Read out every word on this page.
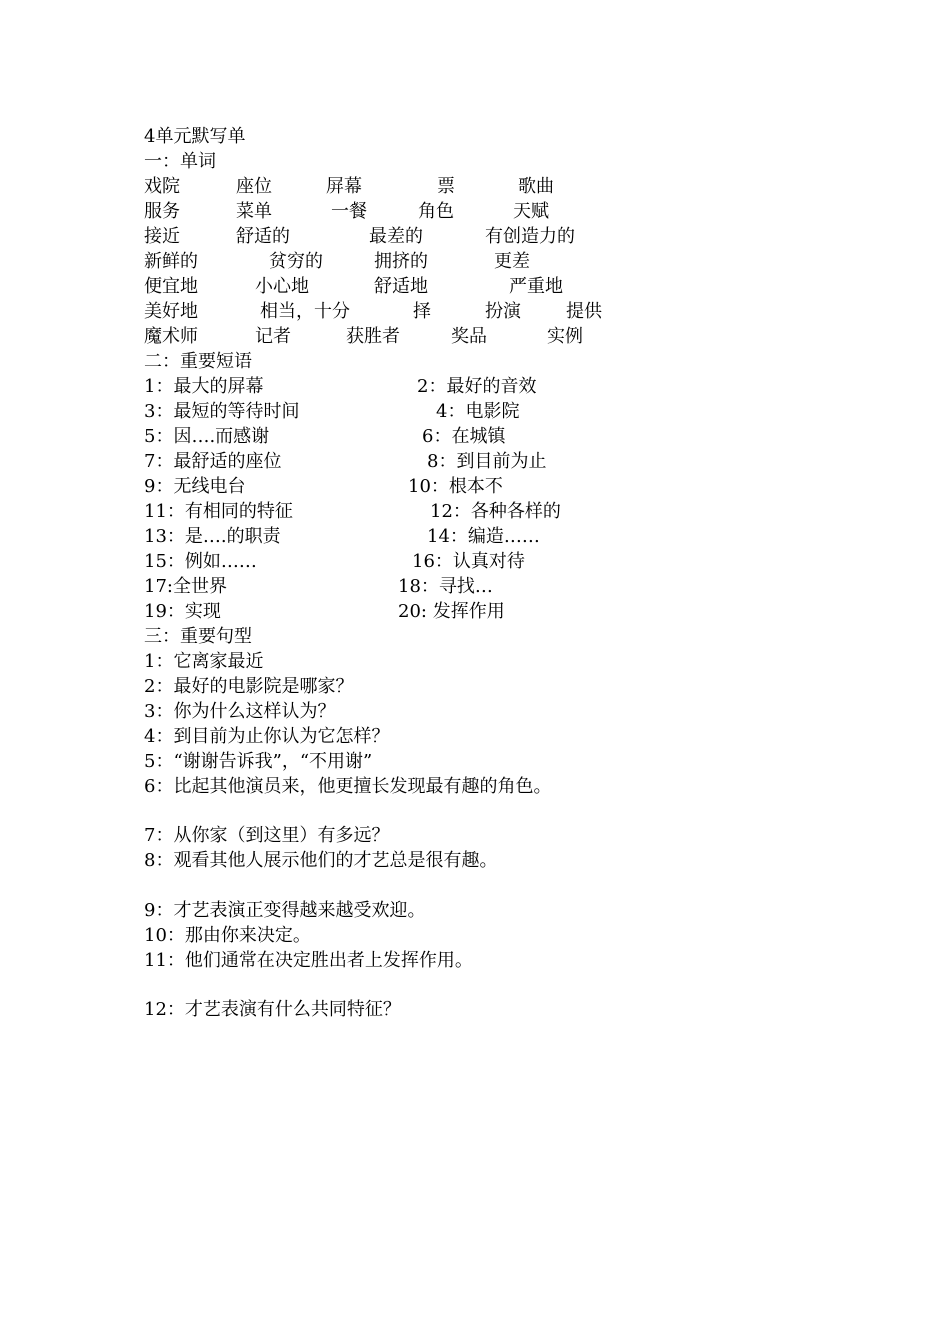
4单元默写单
一：单词
戏院	座位	屏幕	票	歌曲
服务	菜单	一餐	角色	天赋
接近	舒适的	最差的	有创造力的
新鲜的	贫穷的	拥挤的	更差
便宜地	小心地	舒适地	严重地
美好地	相当，十分	择	扮演	提供
魔术师	记者	获胜者	奖品	实例
二：重要短语
1：最大的屏幕	2：最好的音效
3：最短的等待时间	4：电影院
5：因….而感谢	6：在城镇
7：最舒适的座位	8：到目前为止
9：无线电台	10：根本不
11：有相同的特征	12：各种各样的
13：是….的职责	14：编造……
15：例如……	16：认真对待
17:全世界	18：寻找…
19：实现	20: 发挥作用
三：重要句型
1：它离家最近
2：最好的电影院是哪家？
3：你为什么这样认为？
4：到目前为止你认为它怎样？
5：“谢谢告诉我”，“不用谢”
6：比起其他演员来，他更擅长发现最有趣的角色。
7：从你家（到这里）有多远？
8：观看其他人展示他们的才艺总是很有趣。
9：才艺表演正变得越来越受欢迎。
10：那由你来决定。
11：他们通常在决定胜出者上发挥作用。
12：才艺表演有什么共同特征？
